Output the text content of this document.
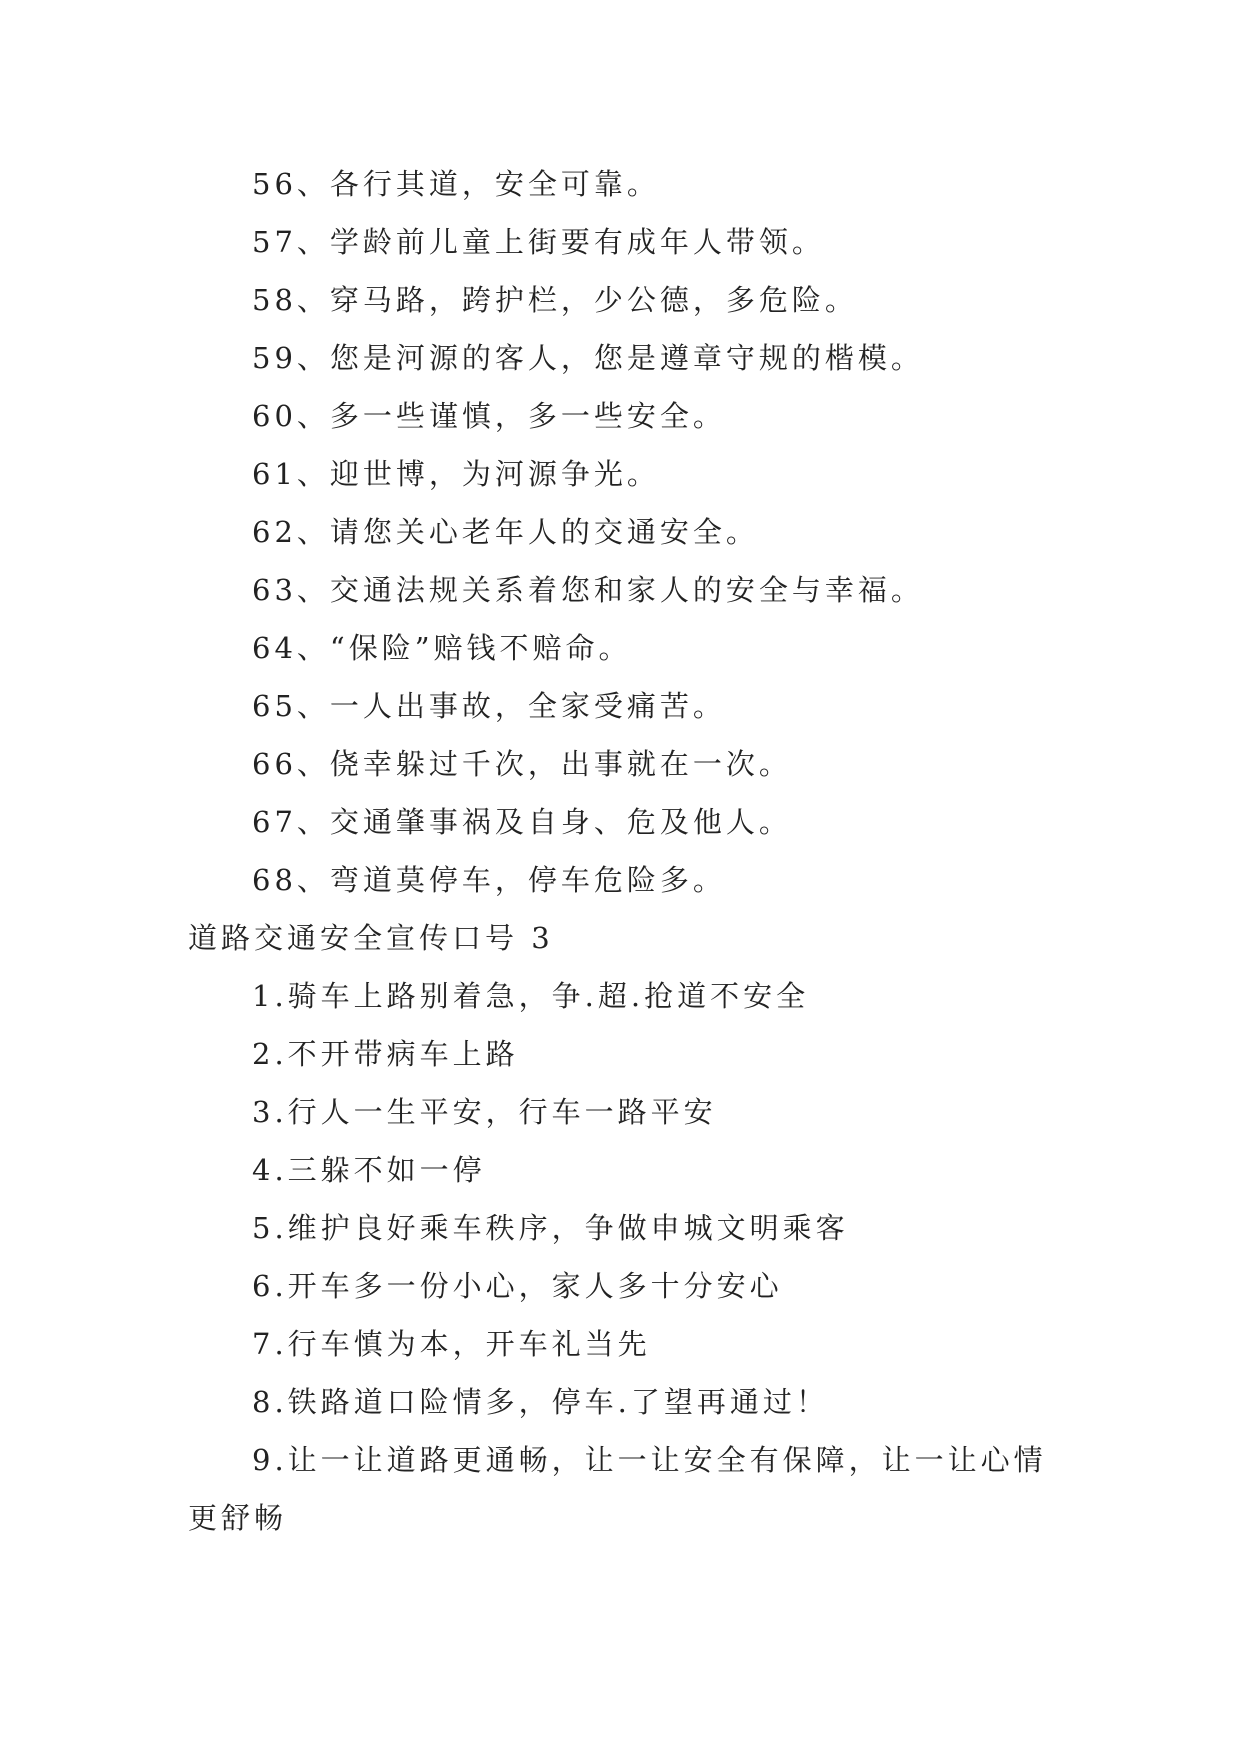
56、各行其道，安全可靠。
57、学龄前儿童上街要有成年人带领。
58、穿马路，跨护栏，少公德，多危险。
59、您是河源的客人，您是遵章守规的楷模。
60、多一些谨慎，多一些安全。
61、迎世博，为河源争光。
62、请您关心老年人的交通安全。
63、交通法规关系着您和家人的安全与幸福。
64、“保险”赔钱不赔命。
65、一人出事故，全家受痛苦。
66、侥幸躲过千次，出事就在一次。
67、交通肇事祸及自身、危及他人。
68、弯道莫停车，停车危险多。
道路交通安全宣传口号 3
1.骑车上路别着急，争.超.抢道不安全
2.不开带病车上路
3.行人一生平安，行车一路平安
4.三躲不如一停
5.维护良好乘车秩序，争做申城文明乘客
6.开车多一份小心，家人多十分安心
7.行车慎为本，开车礼当先
8.铁路道口险情多，停车.了望再通过！
9.让一让道路更通畅，让一让安全有保障，让一让心情
更舒畅
